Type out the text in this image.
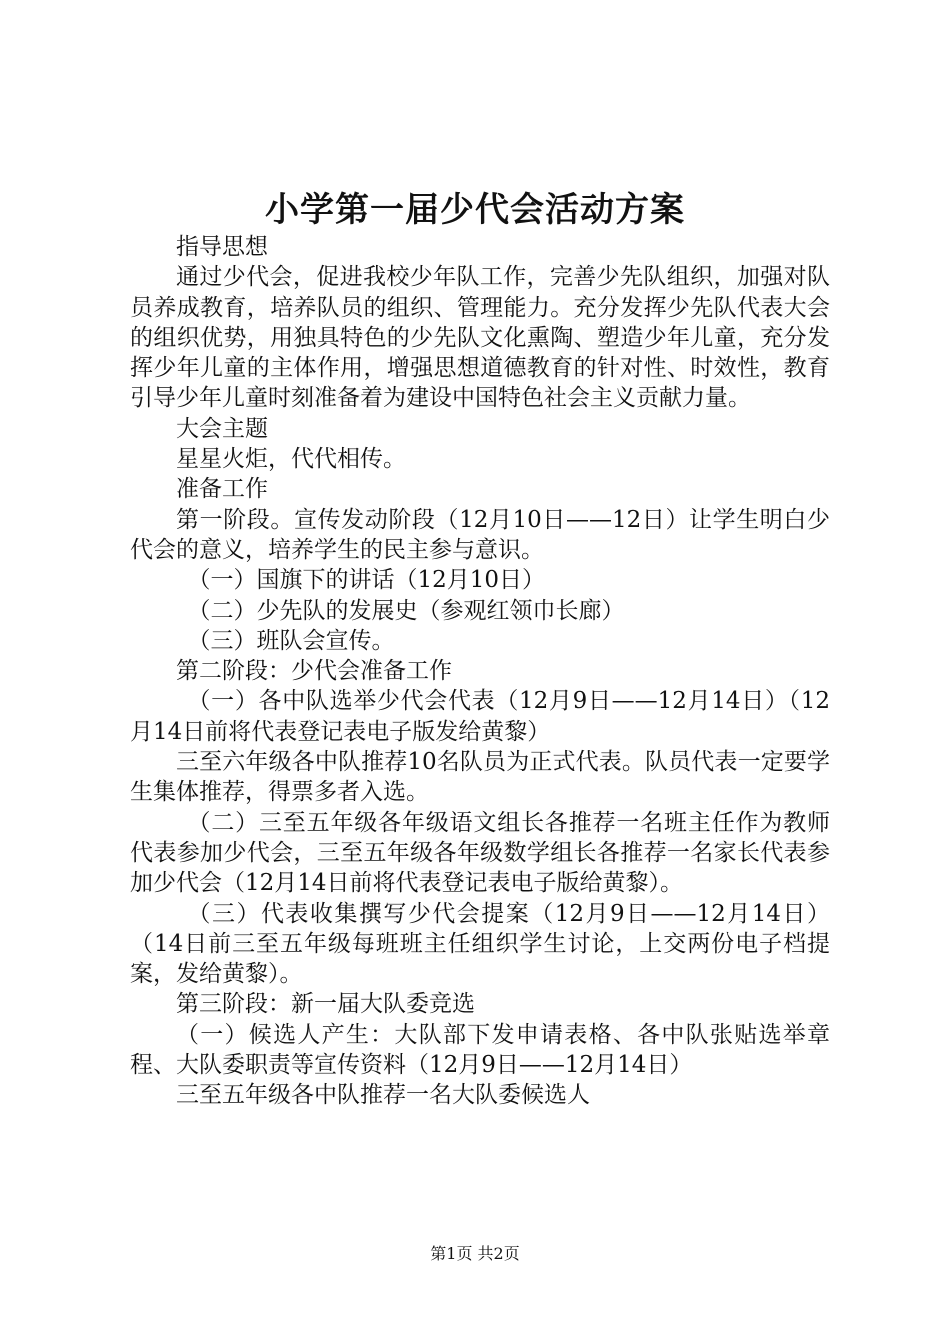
小学第一届少代会活动方案

指导思想

通过少代会，促进我校少年队工作，完善少先队组织，加强对队员养成教育，培养队员的组织、管理能力。充分发挥少先队代表大会的组织优势，用独具特色的少先队文化熏陶、塑造少年儿童，充分发挥少年儿童的主体作用，增强思想道德教育的针对性、时效性，教育引导少年儿童时刻准备着为建设中国特色社会主义贡献力量。

大会主题

星星火炬，代代相传。

准备工作

第一阶段。宣传发动阶段（12月10日——12日）让学生明白少代会的意义，培养学生的民主参与意识。

（一）国旗下的讲话（12月10日）

（二）少先队的发展史（参观红领巾长廊）

（三）班队会宣传。

第二阶段：少代会准备工作

（一）各中队选举少代会代表（12月9日——12月14日）（12月14日前将代表登记表电子版发给黄黎）

三至六年级各中队推荐10名队员为正式代表。队员代表一定要学生集体推荐，得票多者入选。

（二）三至五年级各年级语文组长各推荐一名班主任作为教师代表参加少代会，三至五年级各年级数学组长各推荐一名家长代表参加少代会（12月14日前将代表登记表电子版给黄黎）。

（三）代表收集撰写少代会提案（12月9日——12月14日）（14日前三至五年级每班班主任组织学生讨论，上交两份电子档提案，发给黄黎）。

第三阶段：新一届大队委竞选

（一）候选人产生：大队部下发申请表格、各中队张贴选举章程、大队委职责等宣传资料（12月9日——12月14日）

三至五年级各中队推荐一名大队委候选人

第1页 共2页
